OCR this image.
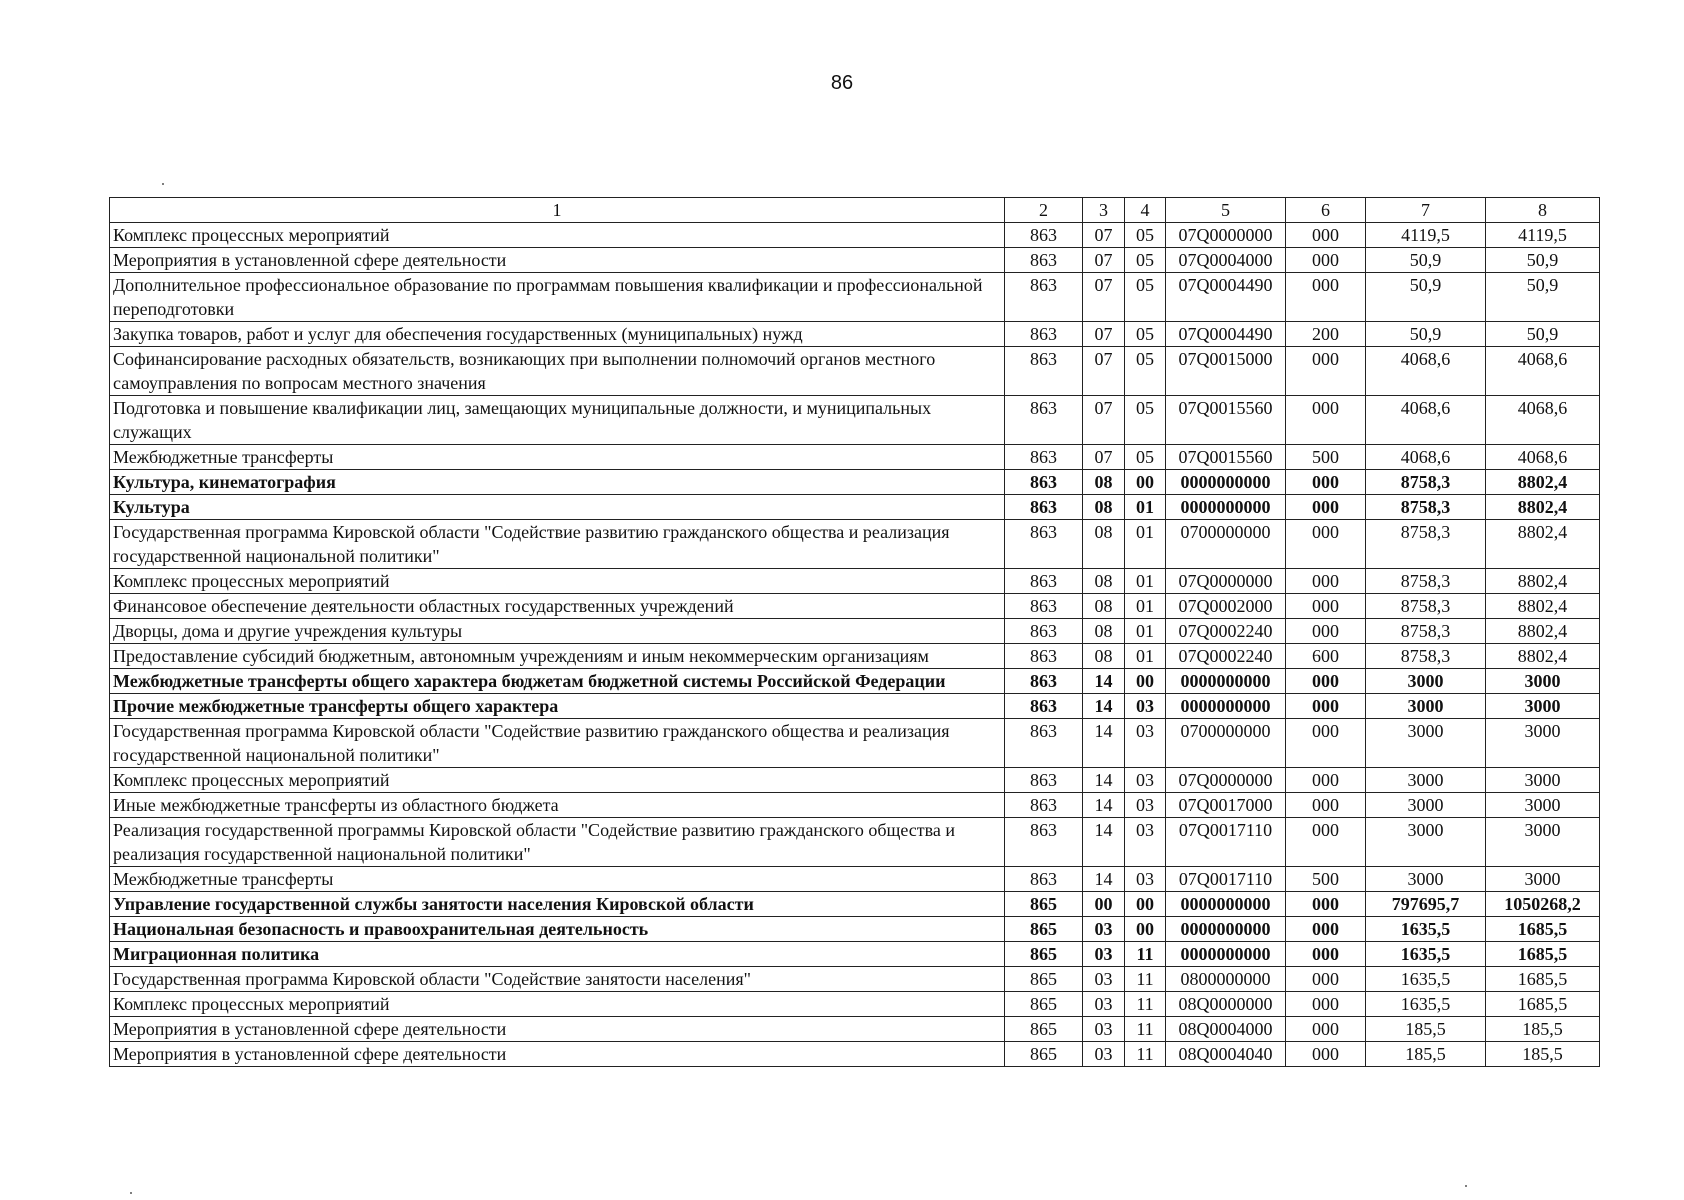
86
1	2	3	4	5	6	7	8
Комплекс процессных мероприятий	863	07	05	07Q0000000	000	4119,5	4119,5
Мероприятия в установленной сфере деятельности	863	07	05	07Q0004000	000	50,9	50,9
Дополнительное профессиональное образование по программам повышения квалификации и профессиональной переподготовки	863	07	05	07Q0004490	000	50,9	50,9
Закупка товаров, работ и услуг для обеспечения государственных (муниципальных) нужд	863	07	05	07Q0004490	200	50,9	50,9
Софинансирование расходных обязательств, возникающих при выполнении полномочий органов местного самоуправления по вопросам местного значения	863	07	05	07Q0015000	000	4068,6	4068,6
Подготовка и повышение квалификации лиц, замещающих муниципальные должности, и муниципальных служащих	863	07	05	07Q0015560	000	4068,6	4068,6
Межбюджетные трансферты	863	07	05	07Q0015560	500	4068,6	4068,6
Культура, кинематография	863	08	00	0000000000	000	8758,3	8802,4
Культура	863	08	01	0000000000	000	8758,3	8802,4
Государственная программа Кировской области "Содействие развитию гражданского общества и реализация государственной национальной политики"	863	08	01	0700000000	000	8758,3	8802,4
Комплекс процессных мероприятий	863	08	01	07Q0000000	000	8758,3	8802,4
Финансовое обеспечение деятельности областных государственных учреждений	863	08	01	07Q0002000	000	8758,3	8802,4
Дворцы, дома и другие учреждения культуры	863	08	01	07Q0002240	000	8758,3	8802,4
Предоставление субсидий бюджетным, автономным учреждениям и иным некоммерческим организациям	863	08	01	07Q0002240	600	8758,3	8802,4
Межбюджетные трансферты общего характера бюджетам бюджетной системы Российской Федерации	863	14	00	0000000000	000	3000	3000
Прочие межбюджетные трансферты общего характера	863	14	03	0000000000	000	3000	3000
Государственная программа Кировской области "Содействие развитию гражданского общества и реализация государственной национальной политики"	863	14	03	0700000000	000	3000	3000
Комплекс процессных мероприятий	863	14	03	07Q0000000	000	3000	3000
Иные межбюджетные трансферты из областного бюджета	863	14	03	07Q0017000	000	3000	3000
Реализация государственной программы Кировской области "Содействие развитию гражданского общества и реализация государственной национальной политики"	863	14	03	07Q0017110	000	3000	3000
Межбюджетные трансферты	863	14	03	07Q0017110	500	3000	3000
Управление государственной службы занятости населения Кировской области	865	00	00	0000000000	000	797695,7	1050268,2
Национальная безопасность и правоохранительная деятельность	865	03	00	0000000000	000	1635,5	1685,5
Миграционная политика	865	03	11	0000000000	000	1635,5	1685,5
Государственная программа Кировской области "Содействие занятости населения"	865	03	11	0800000000	000	1635,5	1685,5
Комплекс процессных мероприятий	865	03	11	08Q0000000	000	1635,5	1685,5
Мероприятия в установленной сфере деятельности	865	03	11	08Q0004000	000	185,5	185,5
Мероприятия в установленной сфере деятельности	865	03	11	08Q0004040	000	185,5	185,5
